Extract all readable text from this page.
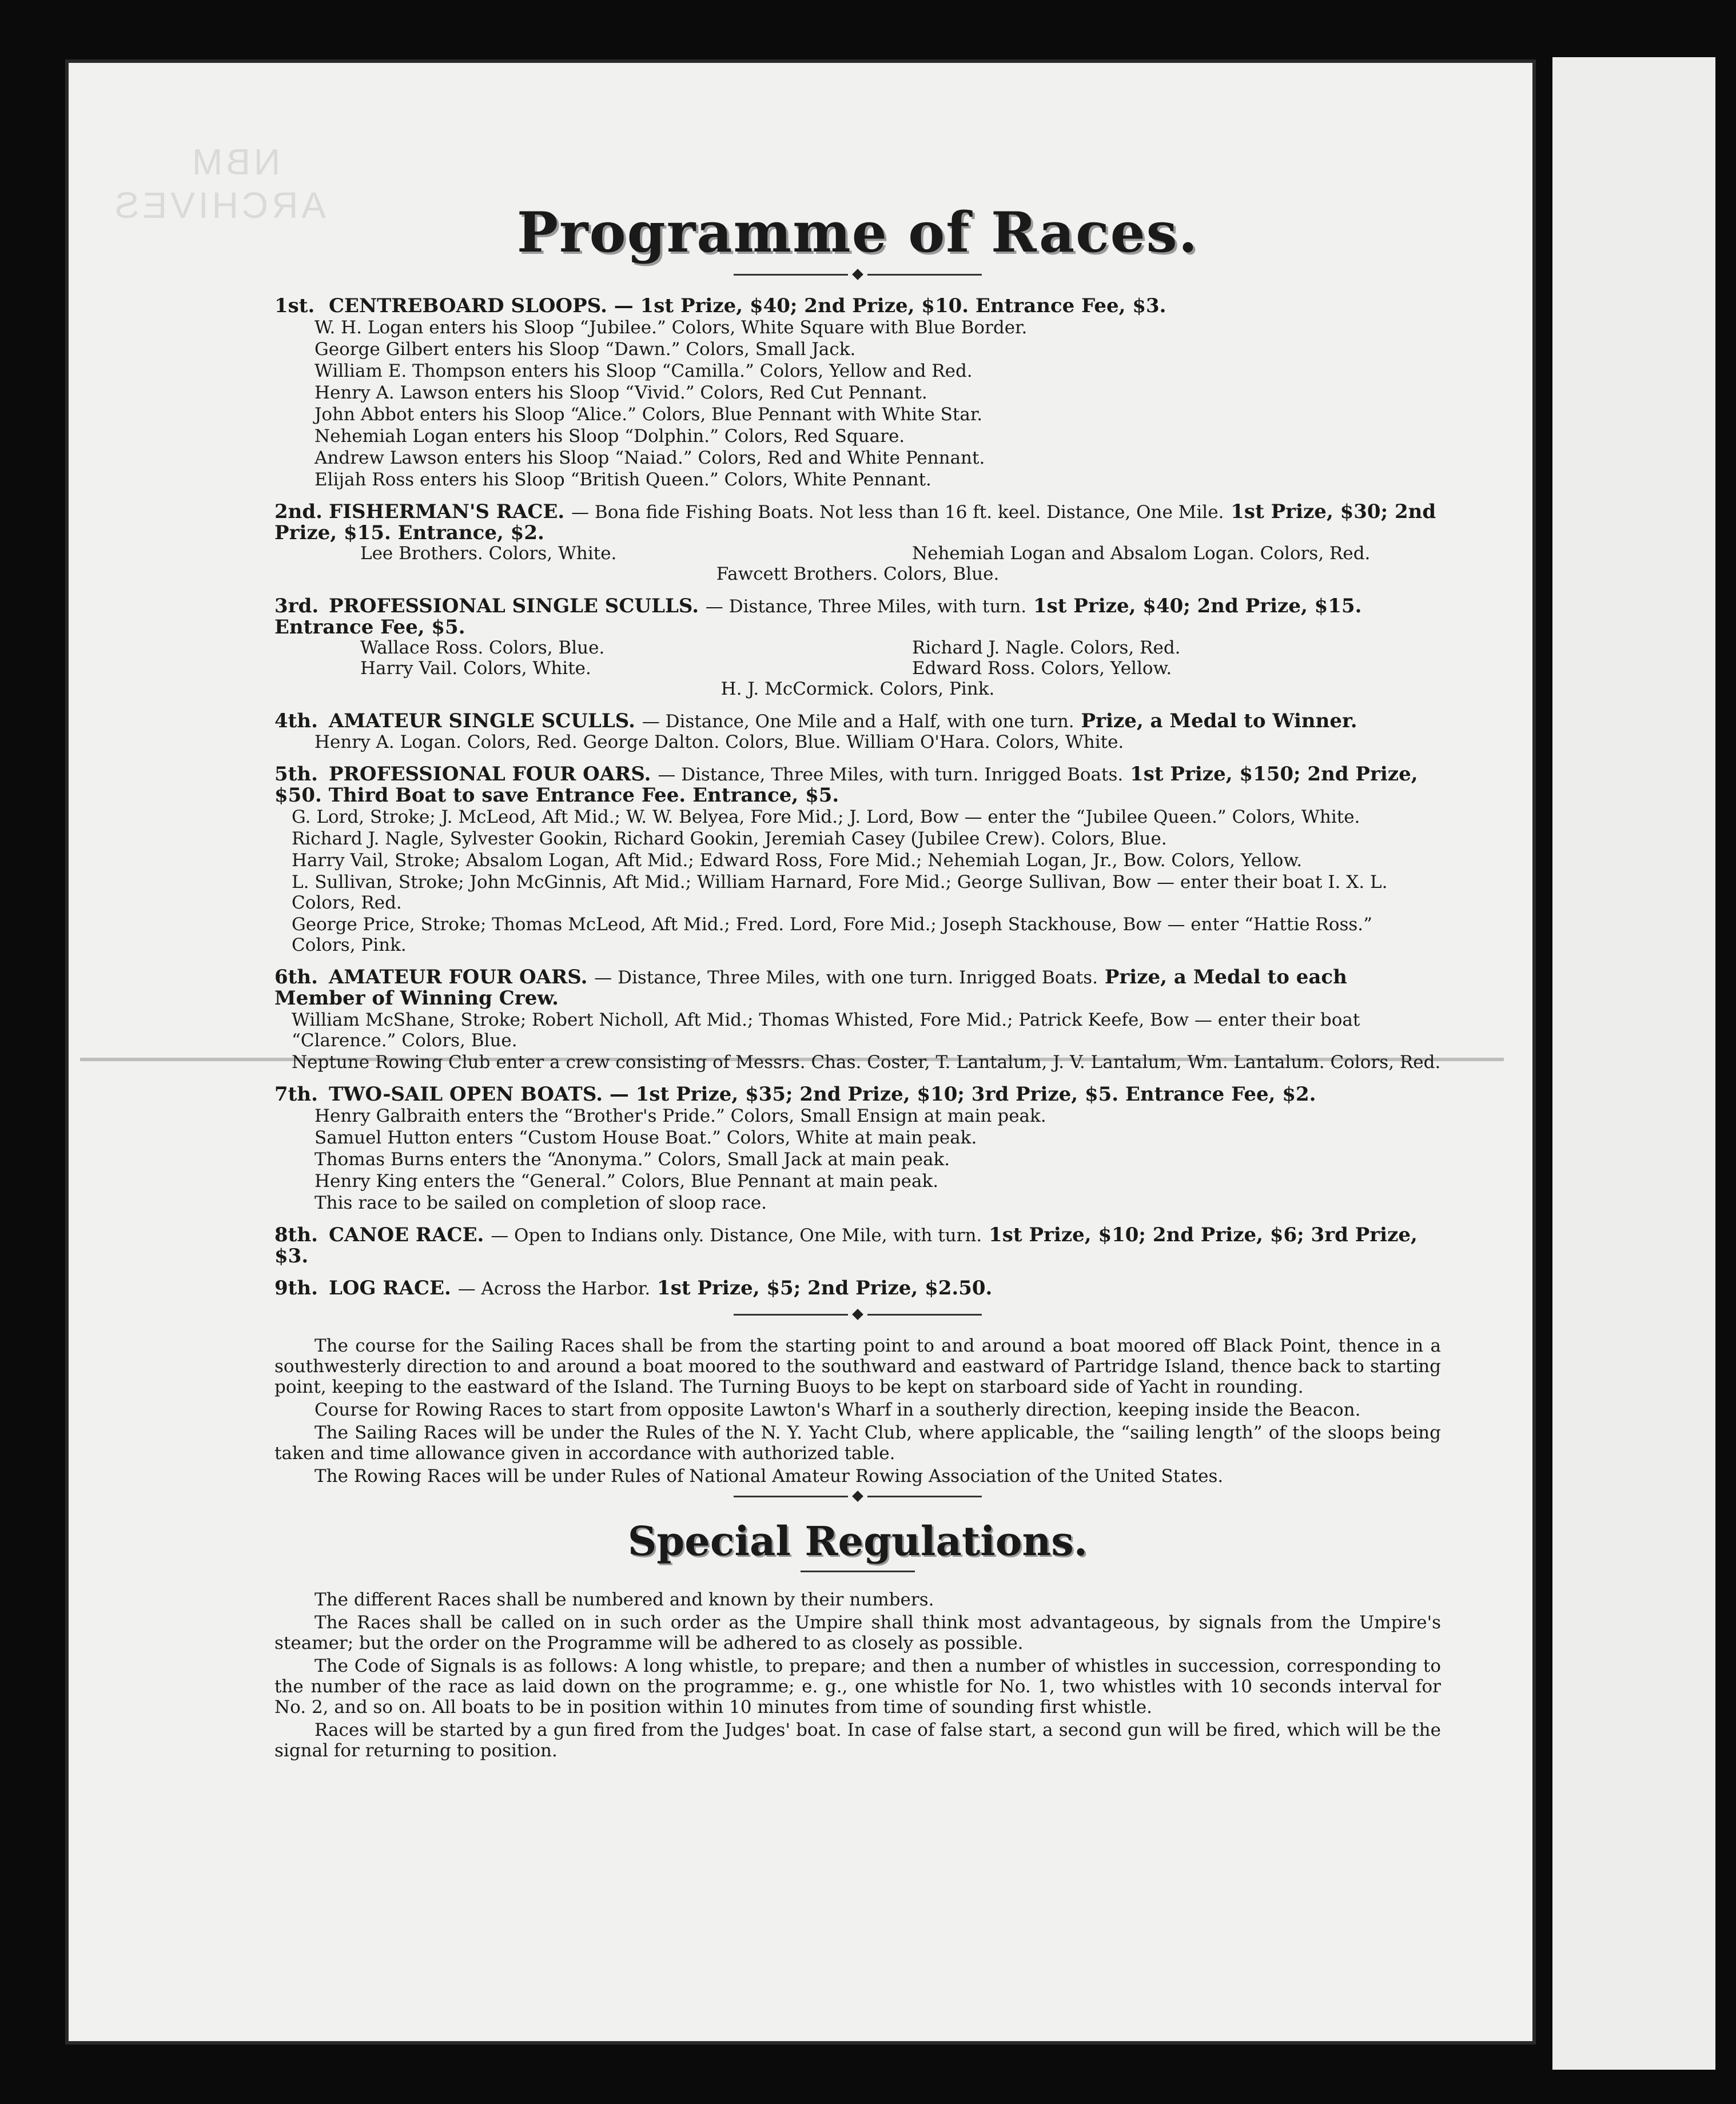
NBM
ARCHIVES	Programme of Races.
1st. CENTREBOARD SLOOPS. — 1st Prize, $40; 2nd Prize, $10. Entrance Fee, $3.
W. H. Logan enters his Sloop “Jubilee.” Colors, White Square with Blue Border.
George Gilbert enters his Sloop “Dawn.” Colors, Small Jack.
William E. Thompson enters his Sloop “Camilla.” Colors, Yellow and Red.
Henry A. Lawson enters his Sloop “Vivid.” Colors, Red Cut Pennant.
John Abbot enters his Sloop “Alice.” Colors, Blue Pennant with White Star.
Nehemiah Logan enters his Sloop “Dolphin.” Colors, Red Square.
Andrew Lawson enters his Sloop “Naiad.” Colors, Red and White Pennant.
Elijah Ross enters his Sloop “British Queen.” Colors, White Pennant.
2nd. FISHERMAN'S RACE. — Bona fide Fishing Boats. Not less than 16 ft. keel. Distance, One Mile. 1st Prize, $30; 2nd Prize, $15. Entrance, $2.
Lee Brothers. Colors, White.	Nehemiah Logan and Absalom Logan. Colors, Red.
Fawcett Brothers. Colors, Blue.
3rd. PROFESSIONAL SINGLE SCULLS. — Distance, Three Miles, with turn. 1st Prize, $40; 2nd Prize, $15. Entrance Fee, $5.
Wallace Ross. Colors, Blue.	Richard J. Nagle. Colors, Red.
Harry Vail. Colors, White.	Edward Ross. Colors, Yellow.
H. J. McCormick. Colors, Pink.
4th. AMATEUR SINGLE SCULLS. — Distance, One Mile and a Half, with one turn. Prize, a Medal to Winner.
Henry A. Logan. Colors, Red. George Dalton. Colors, Blue. William O'Hara. Colors, White.
5th. PROFESSIONAL FOUR OARS. — Distance, Three Miles, with turn. Inrigged Boats. 1st Prize, $150; 2nd Prize, $50. Third Boat to save Entrance Fee. Entrance, $5.
G. Lord, Stroke; J. McLeod, Aft Mid.; W. W. Belyea, Fore Mid.; J. Lord, Bow — enter the “Jubilee Queen.” Colors, White.
Richard J. Nagle, Sylvester Gookin, Richard Gookin, Jeremiah Casey (Jubilee Crew). Colors, Blue.
Harry Vail, Stroke; Absalom Logan, Aft Mid.; Edward Ross, Fore Mid.; Nehemiah Logan, Jr., Bow. Colors, Yellow.
L. Sullivan, Stroke; John McGinnis, Aft Mid.; William Harnard, Fore Mid.; George Sullivan, Bow — enter their boat I. X. L. Colors, Red.
George Price, Stroke; Thomas McLeod, Aft Mid.; Fred. Lord, Fore Mid.; Joseph Stackhouse, Bow — enter “Hattie Ross.” Colors, Pink.
6th. AMATEUR FOUR OARS. — Distance, Three Miles, with one turn. Inrigged Boats. Prize, a Medal to each Member of Winning Crew.
William McShane, Stroke; Robert Nicholl, Aft Mid.; Thomas Whisted, Fore Mid.; Patrick Keefe, Bow — enter their boat “Clarence.” Colors, Blue.
Neptune Rowing Club enter a crew consisting of Messrs. Chas. Coster, T. Lantalum, J. V. Lantalum, Wm. Lantalum. Colors, Red.
7th. TWO-SAIL OPEN BOATS. — 1st Prize, $35; 2nd Prize, $10; 3rd Prize, $5. Entrance Fee, $2.
Henry Galbraith enters the “Brother's Pride.” Colors, Small Ensign at main peak.
Samuel Hutton enters “Custom House Boat.” Colors, White at main peak.
Thomas Burns enters the “Anonyma.” Colors, Small Jack at main peak.
Henry King enters the “General.” Colors, Blue Pennant at main peak.
This race to be sailed on completion of sloop race.
8th. CANOE RACE. — Open to Indians only. Distance, One Mile, with turn. 1st Prize, $10; 2nd Prize, $6; 3rd Prize, $3.
9th. LOG RACE. — Across the Harbor. 1st Prize, $5; 2nd Prize, $2.50.

The course for the Sailing Races shall be from the starting point to and around a boat moored off Black Point, thence in a southwesterly direction to and around a boat moored to the southward and eastward of Partridge Island, thence back to starting point, keeping to the eastward of the Island. The Turning Buoys to be kept on starboard side of Yacht in rounding.

Course for Rowing Races to start from opposite Lawton's Wharf in a southerly direction, keeping inside the Beacon.

The Sailing Races will be under the Rules of the N. Y. Yacht Club, where applicable, the “sailing length” of the sloops being taken and time allowance given in accordance with authorized table.

The Rowing Races will be under Rules of National Amateur Rowing Association of the United States.

Special Regulations.

The different Races shall be numbered and known by their numbers.

The Races shall be called on in such order as the Umpire shall think most advantageous, by signals from the Umpire's steamer; but the order on the Programme will be adhered to as closely as possible.

The Code of Signals is as follows: A long whistle, to prepare; and then a number of whistles in succession, corresponding to the number of the race as laid down on the programme; e. g., one whistle for No. 1, two whistles with 10 seconds interval for No. 2, and so on. All boats to be in position within 10 minutes from time of sounding first whistle.

Races will be started by a gun fired from the Judges' boat. In case of false start, a second gun will be fired, which will be the signal for returning to position.
